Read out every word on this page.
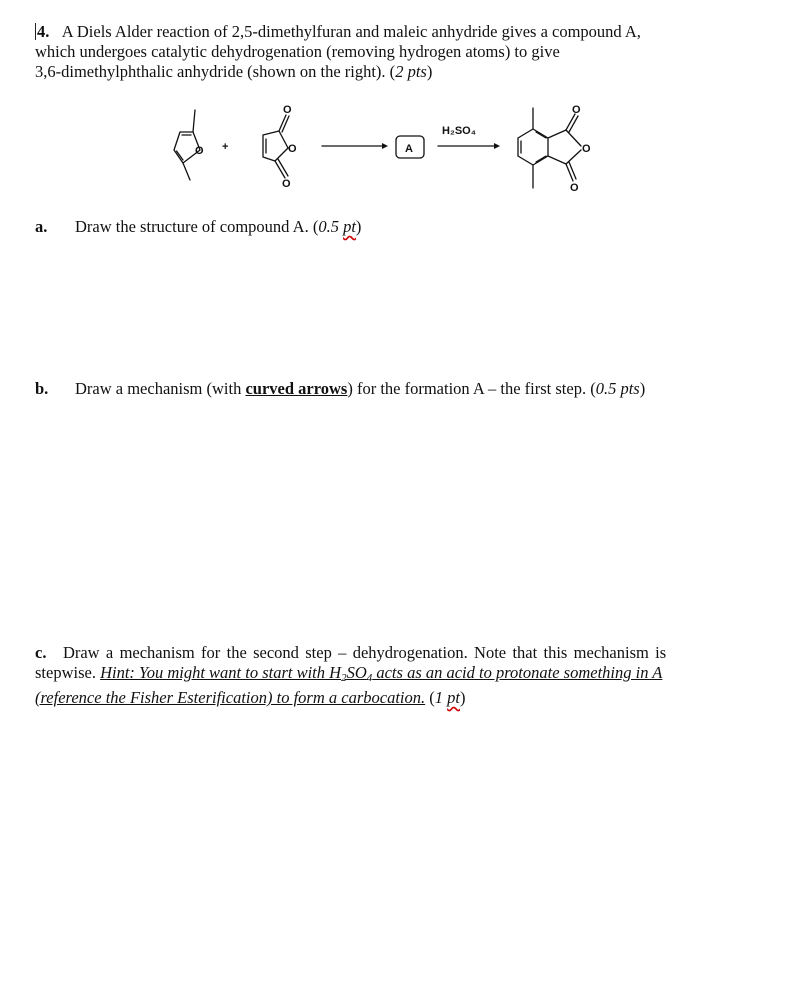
4. A Diels Alder reaction of 2,5-dimethylfuran and maleic anhydride gives a compound A,
which undergoes catalytic dehydrogenation (removing hydrogen atoms) to give
3,6-dimethylphthalic anhydride (shown on the right). (2 pts)
O +
O
O
O
A
H₂SO₄
O
O
O
a. Draw the structure of compound A. (0.5 pt)
b. Draw a mechanism (with curved arrows) for the formation A – the first step. (0.5 pts)
c. Draw a mechanism for the second step – dehydrogenation. Note that this mechanism is
stepwise. Hint: You might want to start with $H_2SO_4$ acts as an acid to protonate something in A
(reference the Fisher Esterification) to form a carbocation. (1 pt)
